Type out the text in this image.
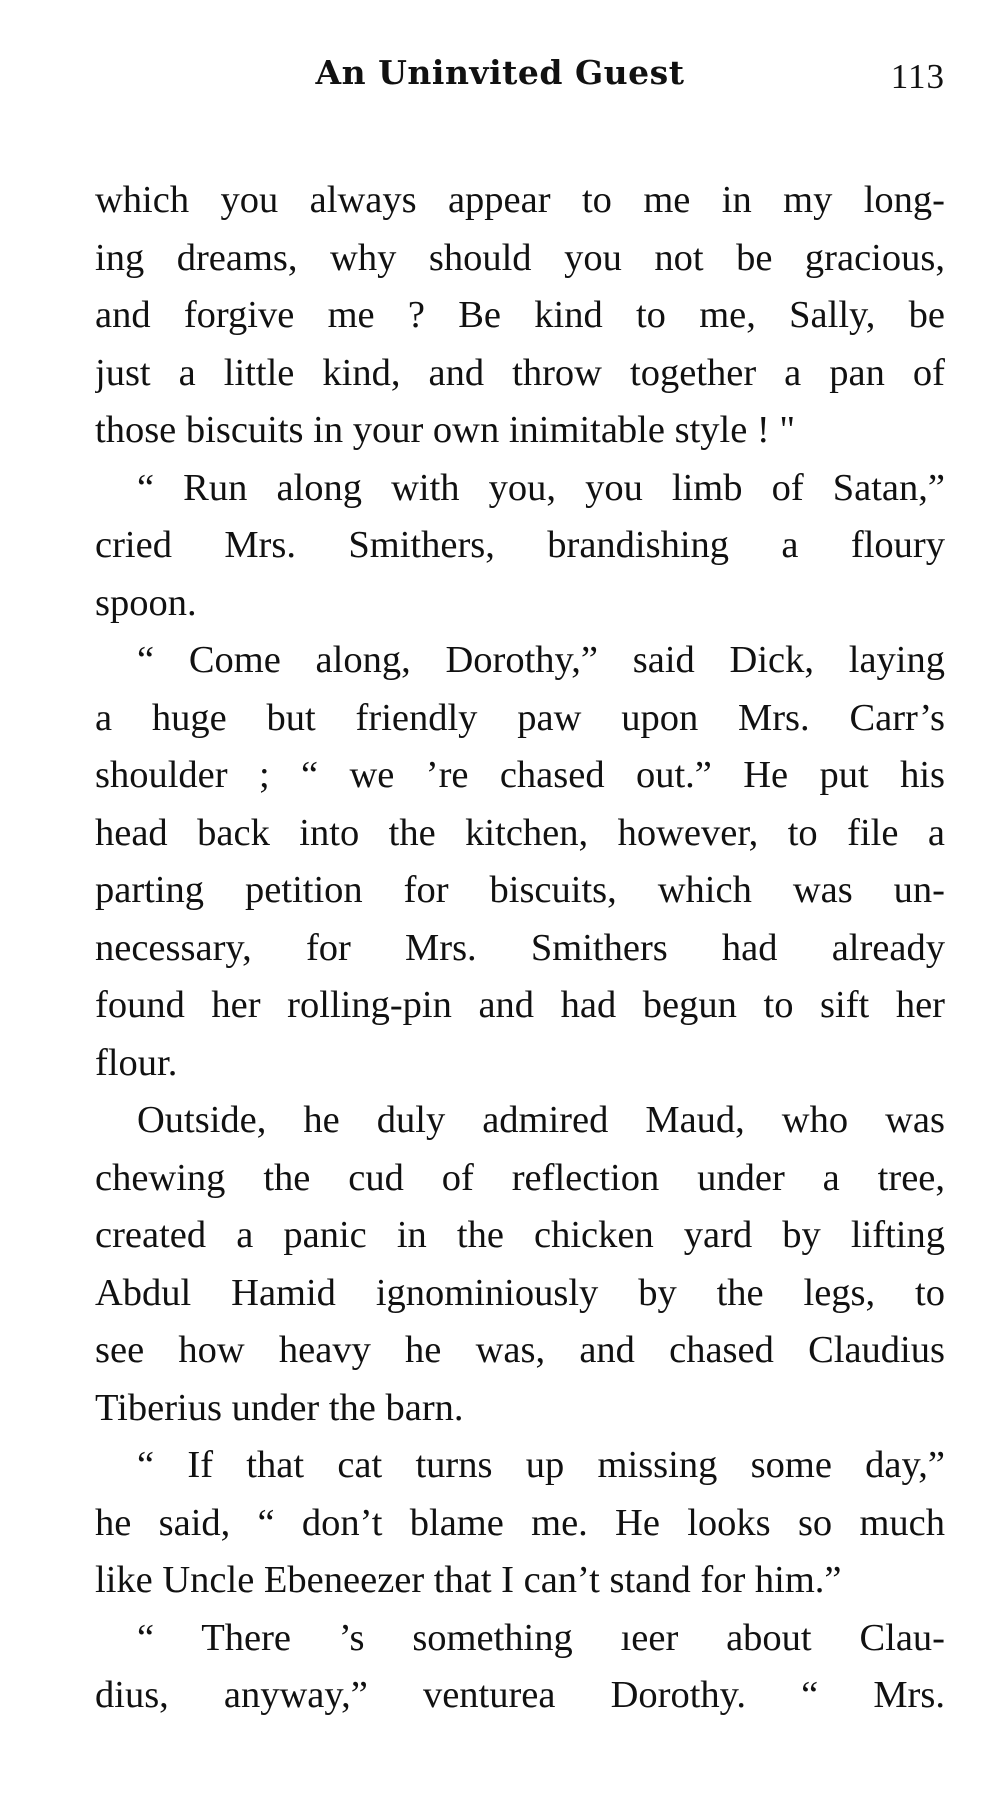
An Uninvited Guest	113
which you always appear to me in my long-
ing dreams, why should you not be gracious,
and forgive me ? Be kind to me, Sally, be
just a little kind, and throw together a pan of
those biscuits in your own inimitable style ! "
“ Run along with you, you limb of Satan,”
cried Mrs. Smithers, brandishing a floury
spoon.
“ Come along, Dorothy,” said Dick, laying
a huge but friendly paw upon Mrs. Carr’s
shoulder ; “ we ’re chased out.” He put his
head back into the kitchen, however, to file a
parting petition for biscuits, which was un-
necessary, for Mrs. Smithers had already
found her rolling-pin and had begun to sift her
flour.
Outside, he duly admired Maud, who was
chewing the cud of reflection under a tree,
created a panic in the chicken yard by lifting
Abdul Hamid ignominiously by the legs, to
see how heavy he was, and chased Claudius
Tiberius under the barn.
“ If that cat turns up missing some day,”
he said, “ don’t blame me. He looks so much
like Uncle Ebeneezer that I can’t stand for him.”
“ There ’s something ıeer about Clau-
dius, anyway,” venturea Dorothy. “ Mrs.
